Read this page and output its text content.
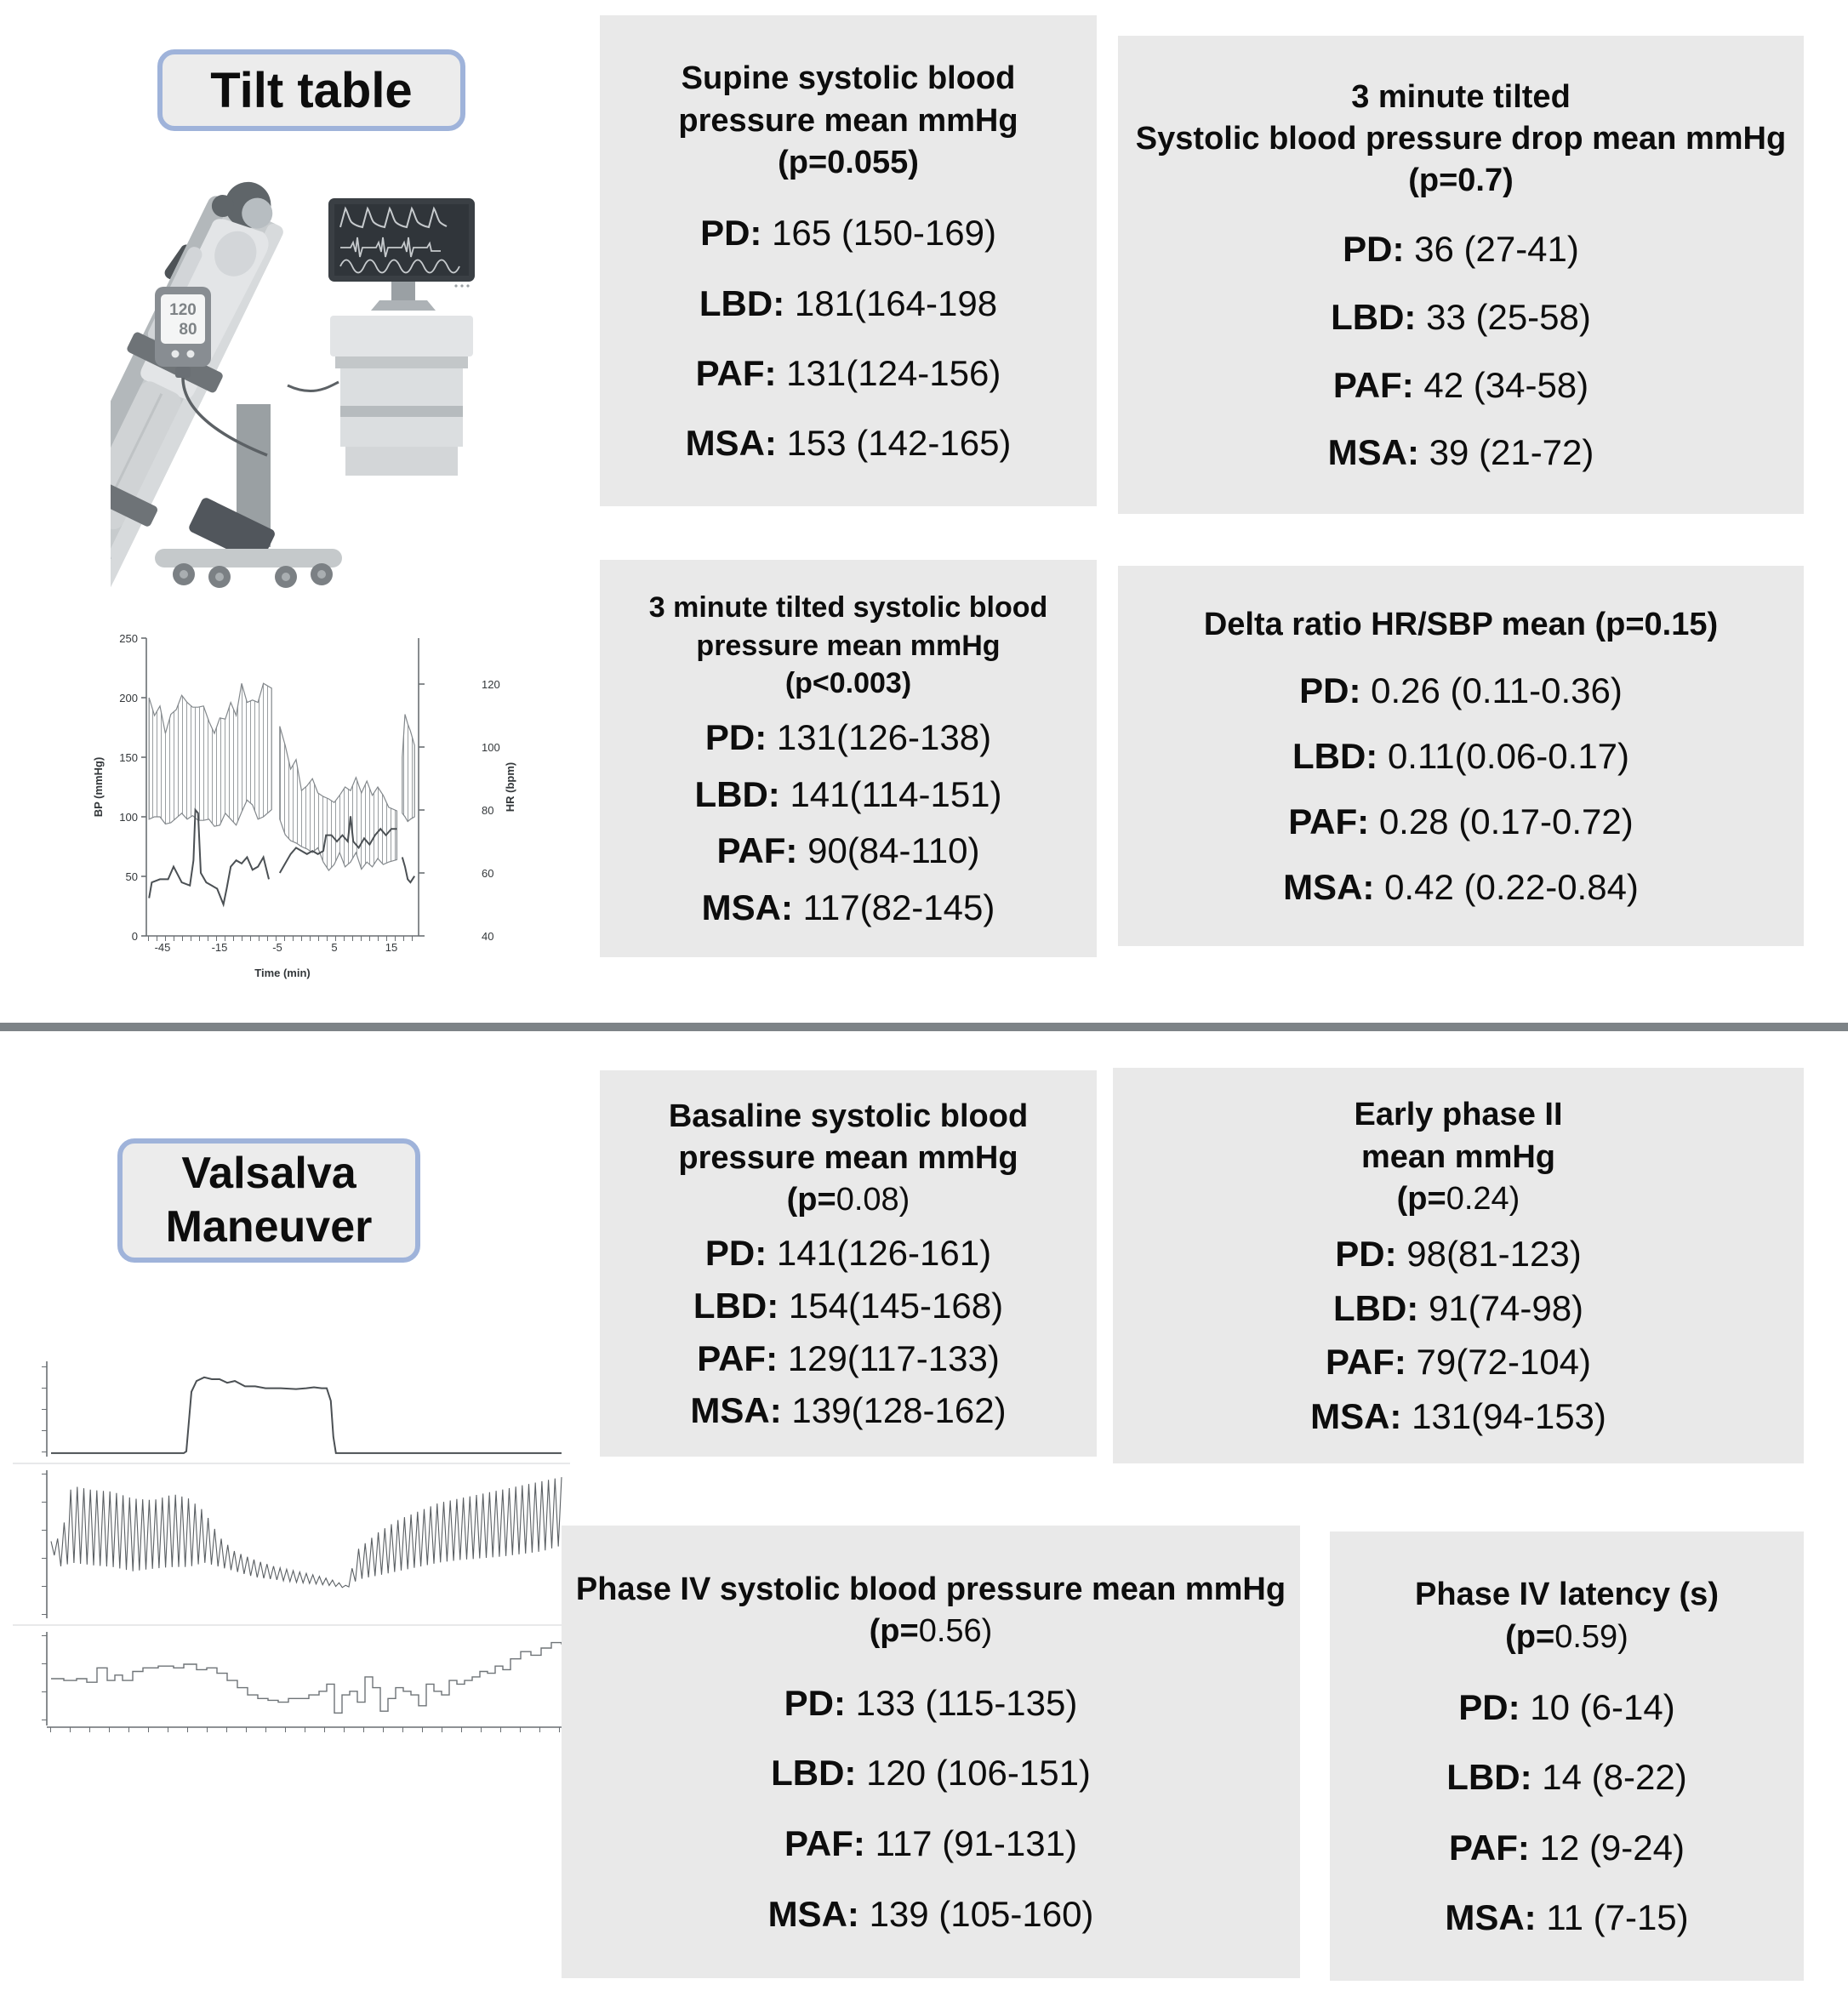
Tilt table
120
80
0
50
100
150
200
250
40
60
80
100
120
-45	-15	-5	5	15
BP (mmHg)	HR (bpm)
Time (min)
Valsalva
Maneuver
Supine systolic blood
pressure mean mmHg
(p=0.055)
PD: 165 (150-169)
LBD: 181(164-198
PAF: 131(124-156)
MSA: 153 (142-165)
3 minute tilted
Systolic blood pressure drop mean mmHg
(p=0.7)
PD: 36 (27-41)
LBD: 33 (25-58)
PAF: 42 (34-58)
MSA: 39 (21-72)
3 minute tilted systolic blood
pressure mean mmHg
(p<0.003)
PD: 131(126-138)
LBD: 141(114-151)
PAF: 90(84-110)
MSA: 117(82-145)
Delta ratio HR/SBP mean (p=0.15)
PD: 0.26 (0.11-0.36)
LBD: 0.11(0.06-0.17)
PAF: 0.28 (0.17-0.72)
MSA: 0.42 (0.22-0.84)
Basaline systolic blood
pressure mean mmHg
(p=0.08)
PD: 141(126-161)
LBD: 154(145-168)
PAF: 129(117-133)
MSA: 139(128-162)
Early phase II
mean mmHg
(p=0.24)
PD: 98(81-123)
LBD: 91(74-98)
PAF: 79(72-104)
MSA: 131(94-153)
Phase IV systolic blood pressure mean mmHg
(p=0.56)
PD: 133 (115-135)
LBD: 120 (106-151)
PAF: 117 (91-131)
MSA: 139 (105-160)
Phase IV latency (s)
(p=0.59)
PD: 10 (6-14)
LBD: 14 (8-22)
PAF: 12 (9-24)
MSA: 11 (7-15)
